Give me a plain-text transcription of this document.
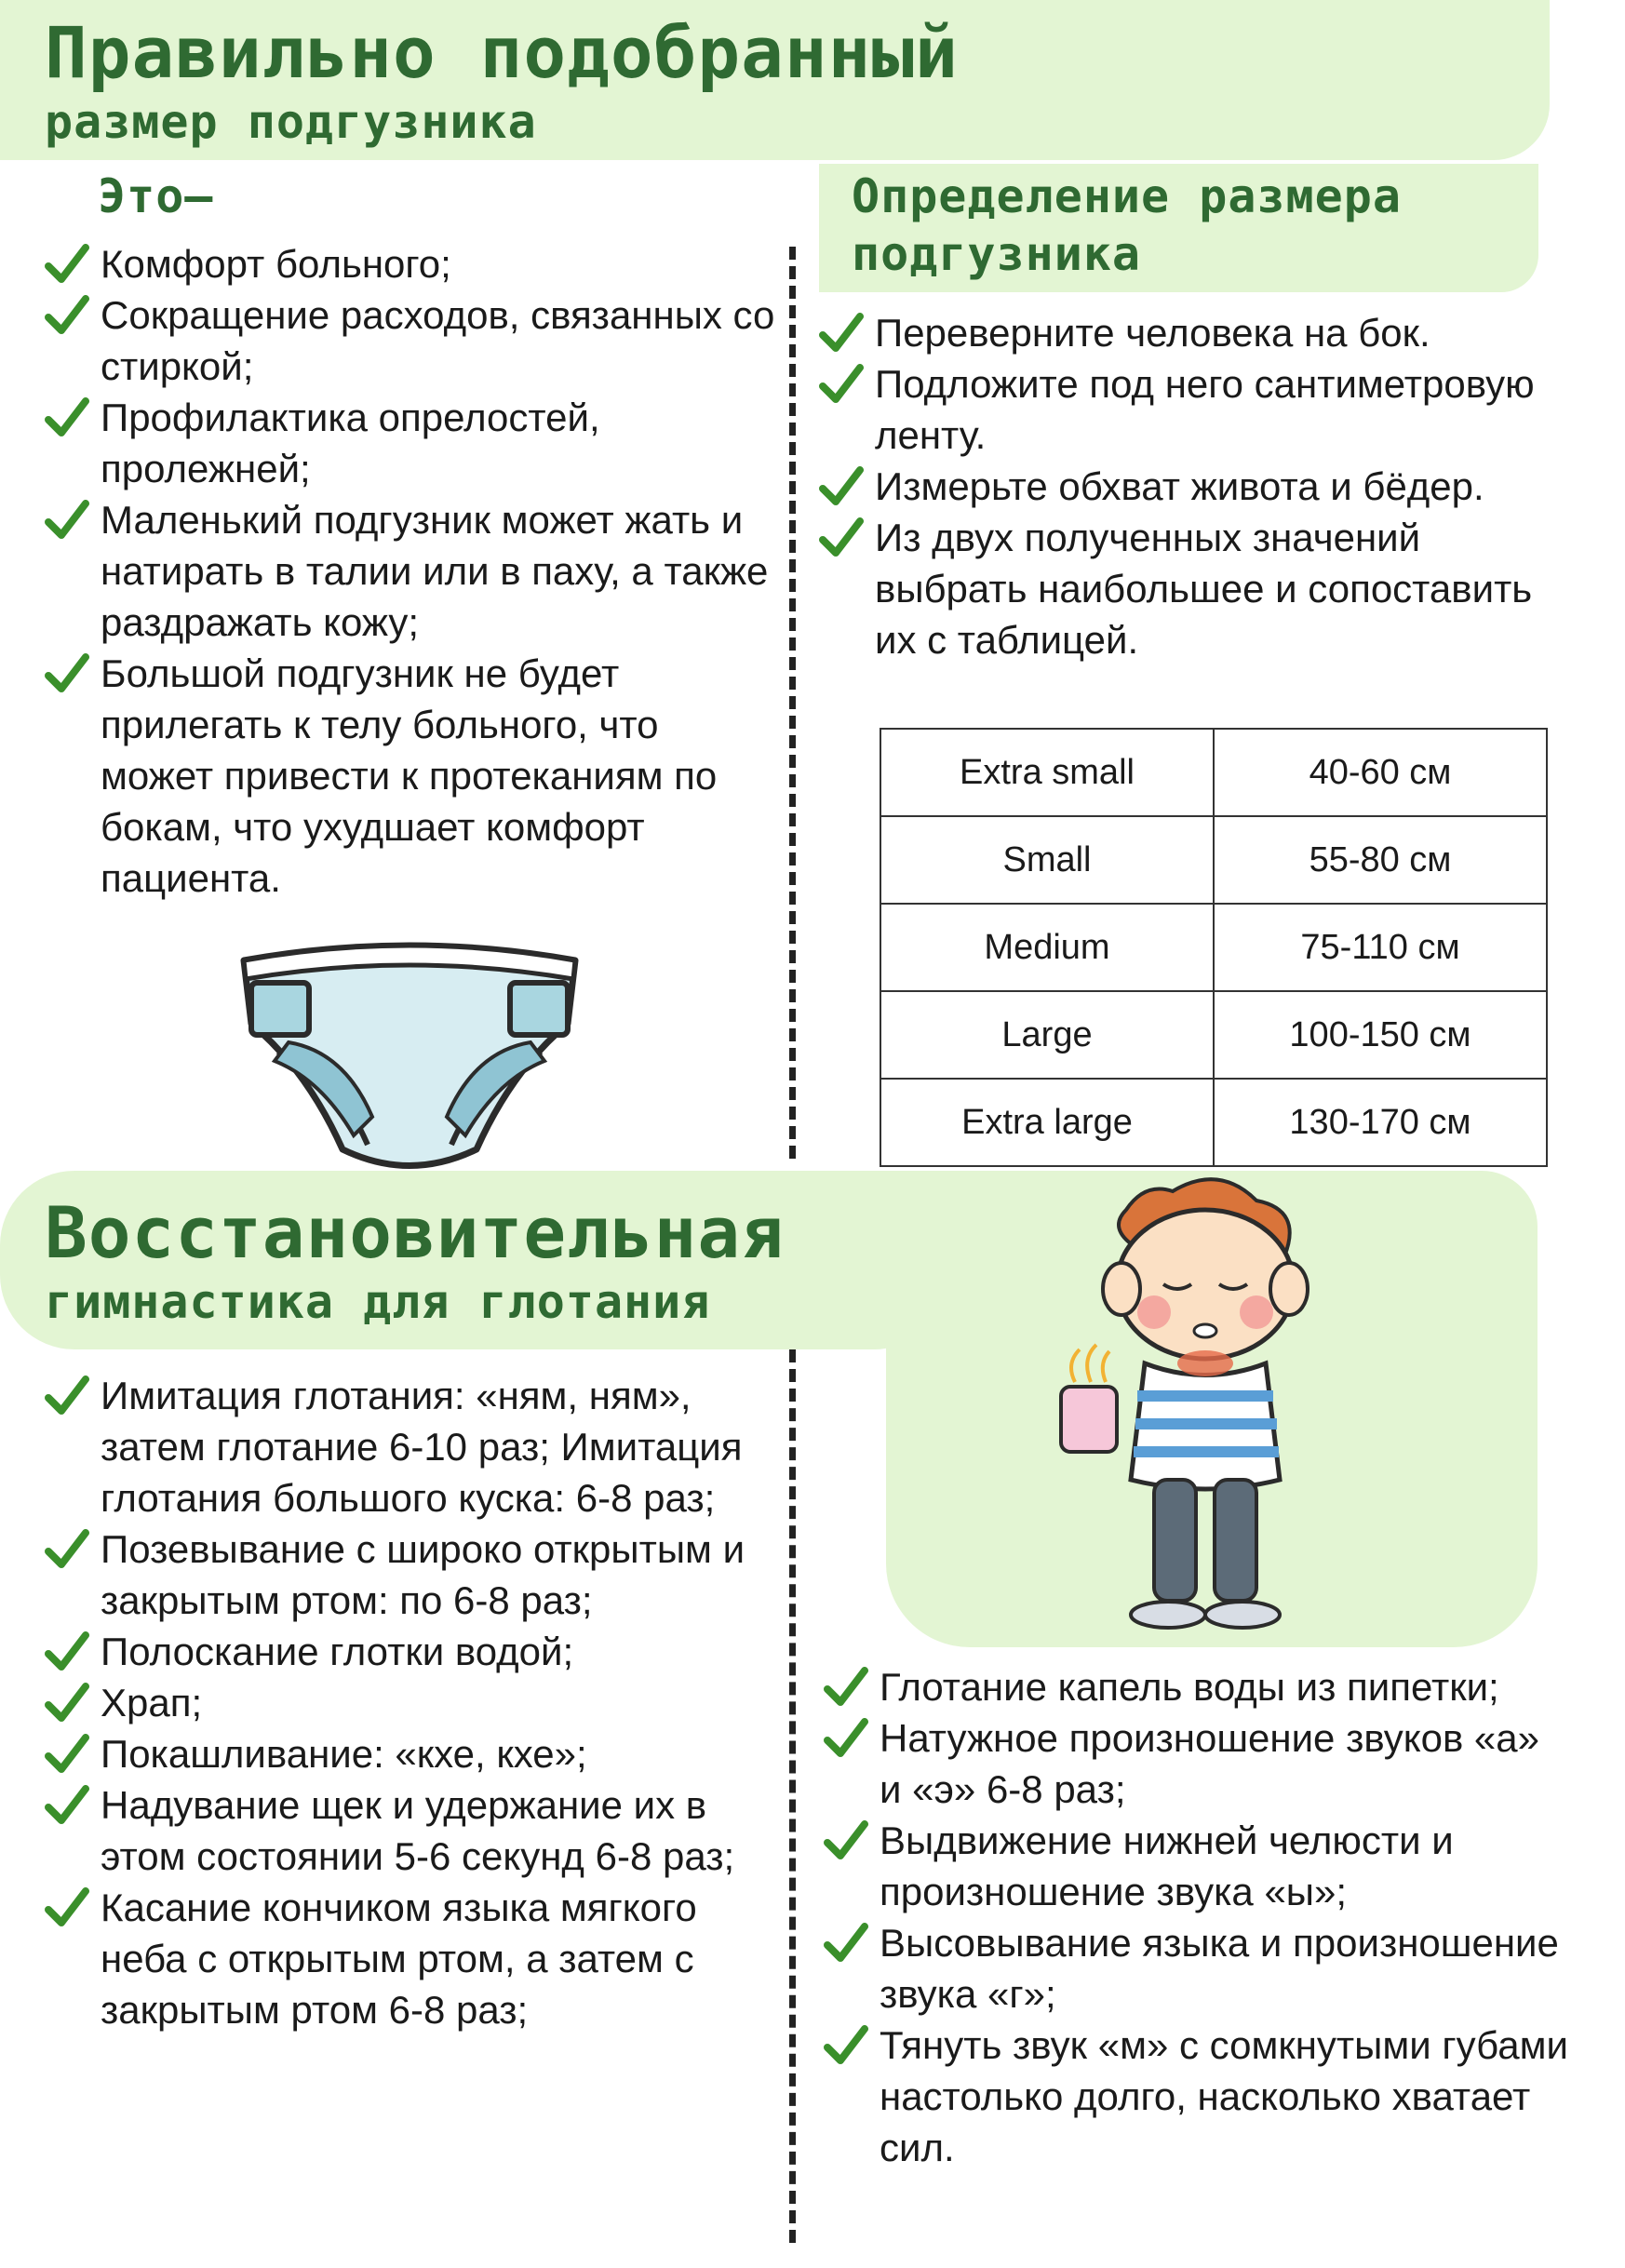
Правильно подобранный
размер подгузника
Это–	Определение размера подгузника
Комфорт больного;
Сокращение расходов, связанных со стиркой;
Профилактика опрелостей, пролежней;
Маленький подгузник может жать и натирать в талии или в паху, а также раздражать кожу;
Большой подгузник не будет прилегать к телу больного, что может привести к протеканиям по бокам, что ухудшает комфорт пациента.
Переверните человека на бок.
Подложите под него сантиметровую ленту.
Измерьте обхват живота и бёдер.
Из двух полученных значений выбрать наибольшее и сопоставить их с таблицей.
Extra small	40-60 см
Small	55-80 см
Medium	75-110 см
Large	100-150 см
Extra large	130-170 см
Восстановительная
гимнастика для глотания
Имитация глотания: «ням, ням», затем глотание 6-10 раз; Имитация глотания большого куска: 6-8 раз;
Позевывание с широко открытым и закрытым ртом: по 6-8 раз;
Полоскание глотки водой;
Храп;
Покашливание: «кхе, кхе»;
Надувание щек и удержание их в этом состоянии 5-6 секунд 6-8 раз;
Касание кончиком языка мягкого неба с открытым ртом, а затем с закрытым ртом 6-8 раз;
Глотание капель воды из пипетки;
Натужное произношение звуков «а» и «э» 6-8 раз;
Выдвижение нижней челюсти и произношение звука «ы»;
Высовывание языка и произношение звука «г»;
Тянуть звук «м» с сомкнутыми губами настолько долго, насколько хватает сил.
